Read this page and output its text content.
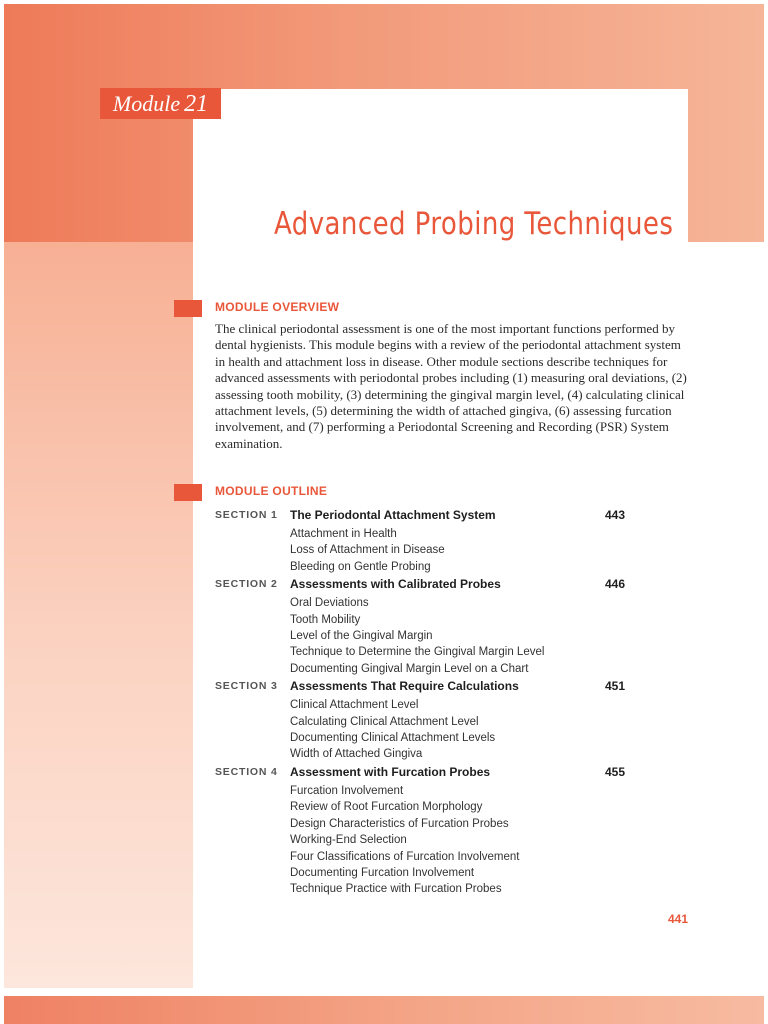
Module 21
Advanced Probing Techniques
MODULE OVERVIEW
The clinical periodontal assessment is one of the most important functions performed by dental hygienists. This module begins with a review of the periodontal attachment system in health and attachment loss in disease. Other module sections describe techniques for advanced assessments with periodontal probes including (1) measuring oral deviations, (2) assessing tooth mobility, (3) determining the gingival margin level, (4) calculating clinical attachment levels, (5) determining the width of attached gingiva, (6) assessing furcation involvement, and (7) performing a Periodontal Screening and Recording (PSR) System examination.
MODULE OUTLINE
SECTION 1 The Periodontal Attachment System	443
Attachment in Health
Loss of Attachment in Disease
Bleeding on Gentle Probing
SECTION 2 Assessments with Calibrated Probes	446
Oral Deviations
Tooth Mobility
Level of the Gingival Margin
Technique to Determine the Gingival Margin Level
Documenting Gingival Margin Level on a Chart
SECTION 3 Assessments That Require Calculations	451
Clinical Attachment Level
Calculating Clinical Attachment Level
Documenting Clinical Attachment Levels
Width of Attached Gingiva
SECTION 4 Assessment with Furcation Probes	455
Furcation Involvement
Review of Root Furcation Morphology
Design Characteristics of Furcation Probes
Working-End Selection
Four Classifications of Furcation Involvement
Documenting Furcation Involvement
Technique Practice with Furcation Probes
441
